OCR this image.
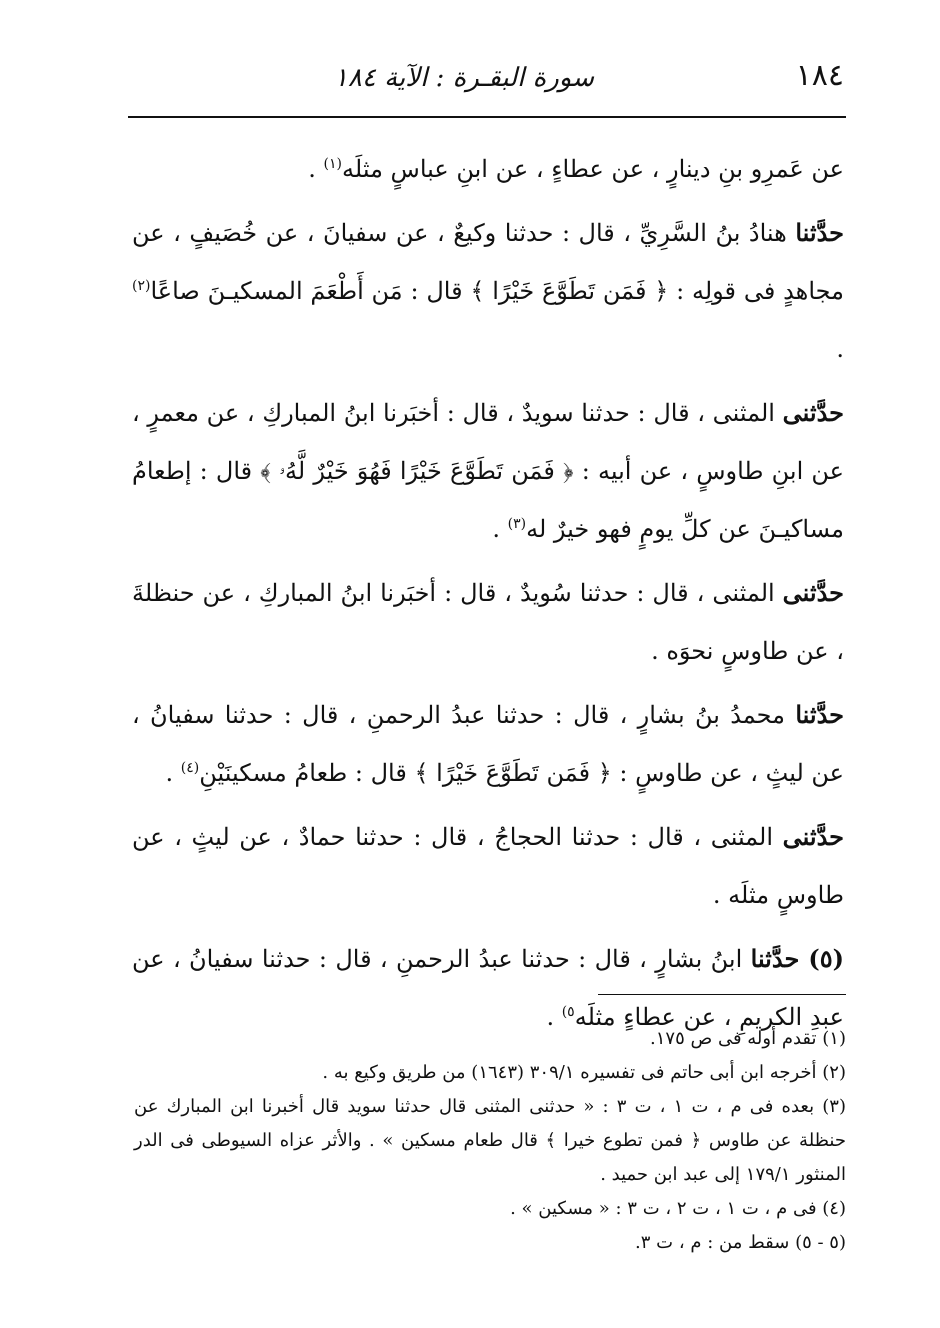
١٨٤
سورة البقـرة : الآية ١٨٤

عن عَمرِو بنِ دينارٍ ، عن عطاءٍ ، عن ابنِ عباسٍ مثلَه$^{(١)}$ .

حدَّثنا هنادُ بنُ السَّرِيِّ ، قال : حدثنا وكيعٌ ، عن سفيانَ ، عن خُصَيفٍ ، عن مجاهدٍ فى قولِه : ﴿ فَمَن تَطَوَّعَ خَيْرًا ﴾ قال : مَن أَطْعَمَ المسكيـنَ صاعًا$^{(٢)}$ .

حدَّثنى المثنى ، قال : حدثنا سويدٌ ، قال : أخبَرنا ابنُ المباركِ ، عن معمرٍ ، عن ابنِ طاوسٍ ، عن أبيه : ﴿ فَمَن تَطَوَّعَ خَيْرًا فَهُوَ خَيْرٌ لَّهُۥ ﴾ قال : إطعامُ مساكيـنَ عن كلِّ يومٍ فهو خيرٌ له$^{(٣)}$ .

حدَّثنى المثنى ، قال : حدثنا سُويدٌ ، قال : أخبَرنا ابنُ المباركِ ، عن حنظلةَ ، عن طاوسٍ نحوَه .

حدَّثنا محمدُ بنُ بشارٍ ، قال : حدثنا عبدُ الرحمنِ ، قال : حدثنا سفيانُ ، عن ليثٍ ، عن طاوسٍ : ﴿ فَمَن تَطَوَّعَ خَيْرًا ﴾ قال : طعامُ مسكينَيْنِ$^{(٤)}$ .

حدَّثنى المثنى ، قال : حدثنا الحجاجُ ، قال : حدثنا حمادٌ ، عن ليثٍ ، عن طاوسٍ مثلَه .

(٥) حدَّثنا ابنُ بشارٍ ، قال : حدثنا عبدُ الرحمنِ ، قال : حدثنا سفيانُ ، عن عبدِ الكريمِ ، عن عطاءٍ مثلَه$^{٥)}$ .

(١) تقدم أوله فى ص ١٧٥.

(٢) أخرجه ابن أبى حاتم فى تفسيره ٣٠٩/١ (١٦٤٣) من طريق وكيع به .

(٣) بعده فى م ، ت ١ ، ت ٣ : « حدثنى المثنى قال حدثنا سويد قال أخبرنا ابن المبارك عن حنظلة عن طاوس ﴿ فمن تطوع خيرا ﴾ قال طعام مسكين » . والأثر عزاه السيوطى فى الدر المنثور ١٧٩/١ إلى عبد ابن حميد .

(٤) فى م ، ت ١ ، ت ٢ ، ت ٣ : « مسكين » .

(٥ - ٥) سقط من : م ، ت ٣.
